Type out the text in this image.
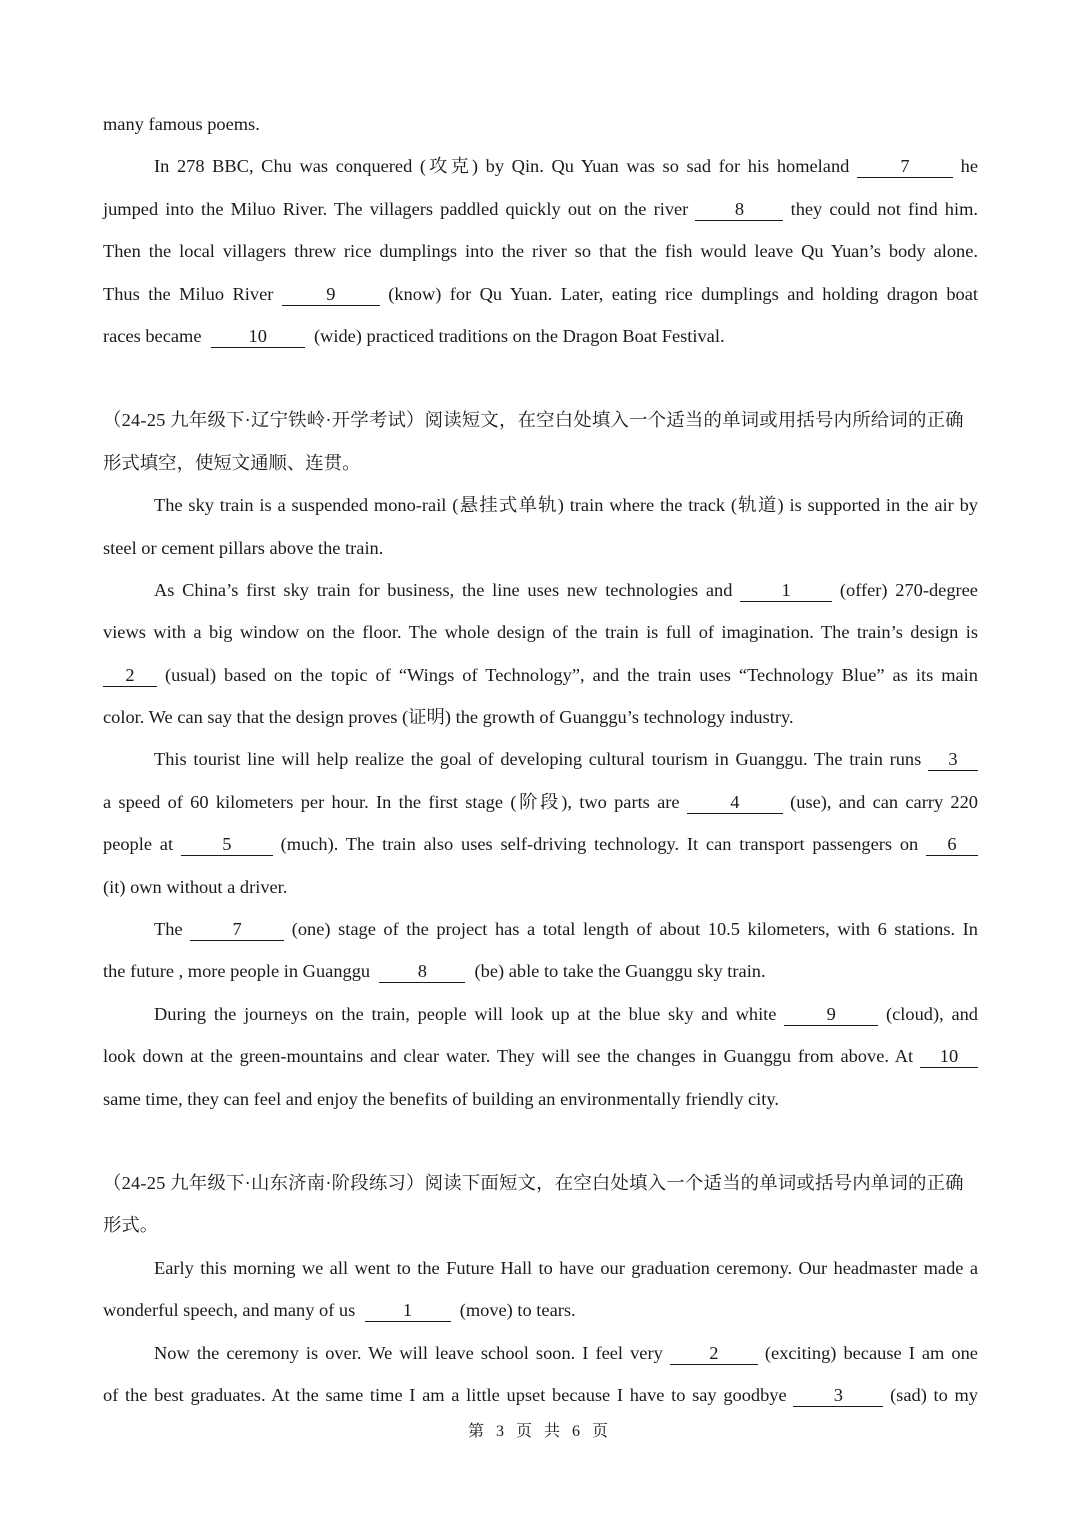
many famous poems.
In 278 BBC, Chu was conquered (攻克) by Qin. Qu Yuan was so sad for his homeland	7	he
jumped into the Miluo River. The villagers paddled quickly out on the river	8	they could not find him.
Then the local villagers threw rice dumplings into the river so that the fish would leave Qu Yuan’s body alone.
Thus the Miluo River	9	(know) for Qu Yuan. Later, eating rice dumplings and holding dragon boat
races became	10	(wide) practiced traditions on the Dragon Boat Festival.
（24-25 九年级下·辽宁铁岭·开学考试）阅读短文，在空白处填入一个适当的单词或用括号内所给词的正确
形式填空，使短文通顺、连贯。
The sky train is a suspended mono-rail (悬挂式单轨) train where the track (轨道) is supported in the air by
steel or cement pillars above the train.
As China’s first sky train for business, the line uses new technologies and	1	(offer) 270-degree
views with a big window on the floor. The whole design of the train is full of imagination. The train’s design is
2 (usual) based on the topic of “Wings of Technology”, and the train uses “Technology Blue” as its main
color. We can say that the design proves (证明) the growth of Guanggu’s technology industry.
This tourist line will help realize the goal of developing cultural tourism in Guanggu. The train runs 3
a speed of 60 kilometers per hour. In the first stage (阶段), two parts are	4	(use), and can carry 220
people at	5	(much). The train also uses self-driving technology. It can transport passengers on 6
(it) own without a driver.
The	7	(one) stage of the project has a total length of about 10.5 kilometers, with 6 stations. In
the future , more people in Guanggu	8	(be) able to take the Guanggu sky train.
During the journeys on the train, people will look up at the blue sky and white	9	(cloud), and
look down at the green-mountains and clear water. They will see the changes in Guanggu from above. At 10
same time, they can feel and enjoy the benefits of building an environmentally friendly city.
（24-25 九年级下·山东济南·阶段练习）阅读下面短文，在空白处填入一个适当的单词或括号内单词的正确
形式。
Early this morning we all went to the Future Hall to have our graduation ceremony. Our headmaster made a
wonderful speech, and many of us	1	(move) to tears.
Now the ceremony is over. We will leave school soon. I feel very	2	(exciting) because I am one
of the best graduates. At the same time I am a little upset because I have to say goodbye	3	(sad) to my
第 3 页 共 6 页
